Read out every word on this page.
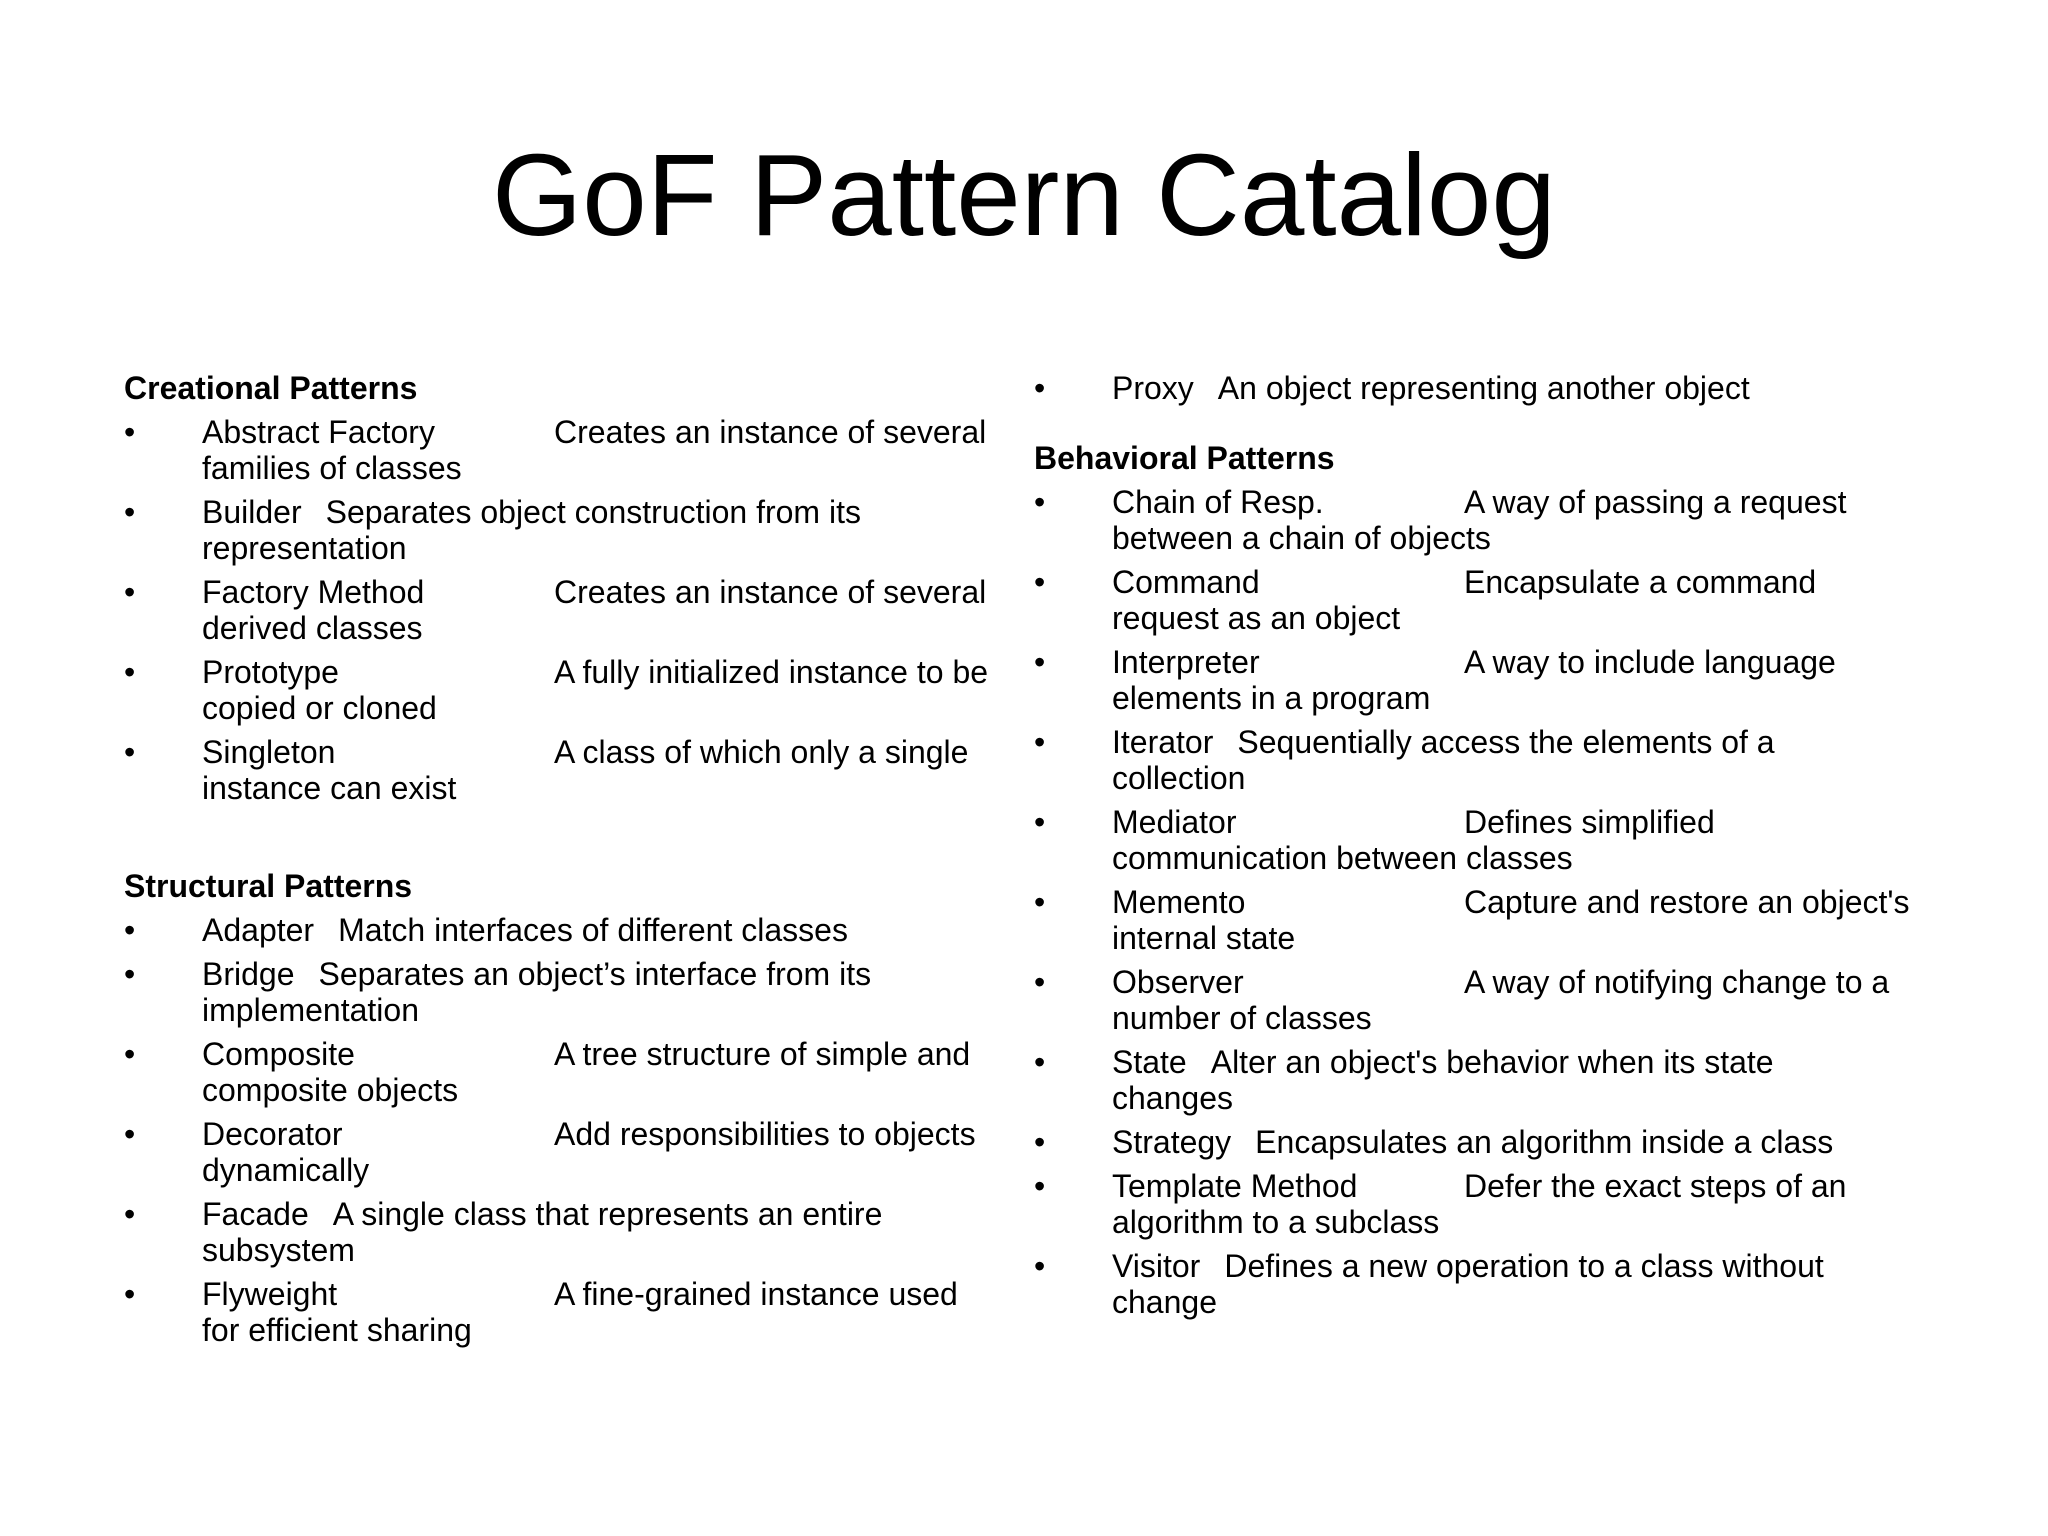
GoF Pattern Catalog
Creational Patterns
•	Abstract Factory	Creates an instance of several
families of classes
•	Builder Separates object construction from its
representation
•	Factory Method	Creates an instance of several
derived classes
•	Prototype	A fully initialized instance to be
copied or cloned
•	Singleton	A class of which only a single
instance can exist
Structural Patterns
•	Adapter Match interfaces of different classes
•	Bridge Separates an object’s interface from its
implementation
•	Composite	A tree structure of simple and
composite objects
•	Decorator	Add responsibilities to objects
dynamically
•	Facade A single class that represents an entire
subsystem
•	Flyweight	A fine-grained instance used
for efficient sharing
•	Proxy An object representing another object
Behavioral Patterns
•	Chain of Resp.	A way of passing a request
between a chain of objects
•	Command	Encapsulate a command
request as an object
•	Interpreter	A way to include language
elements in a program
•	Iterator Sequentially access the elements of a
collection
•	Mediator	Defines simplified
communication between classes
•	Memento	Capture and restore an object's
internal state
•	Observer	A way of notifying change to a
number of classes
•	State Alter an object's behavior when its state
changes
•	Strategy Encapsulates an algorithm inside a class
•	Template Method	Defer the exact steps of an
algorithm to a subclass
•	Visitor Defines a new operation to a class without
change
